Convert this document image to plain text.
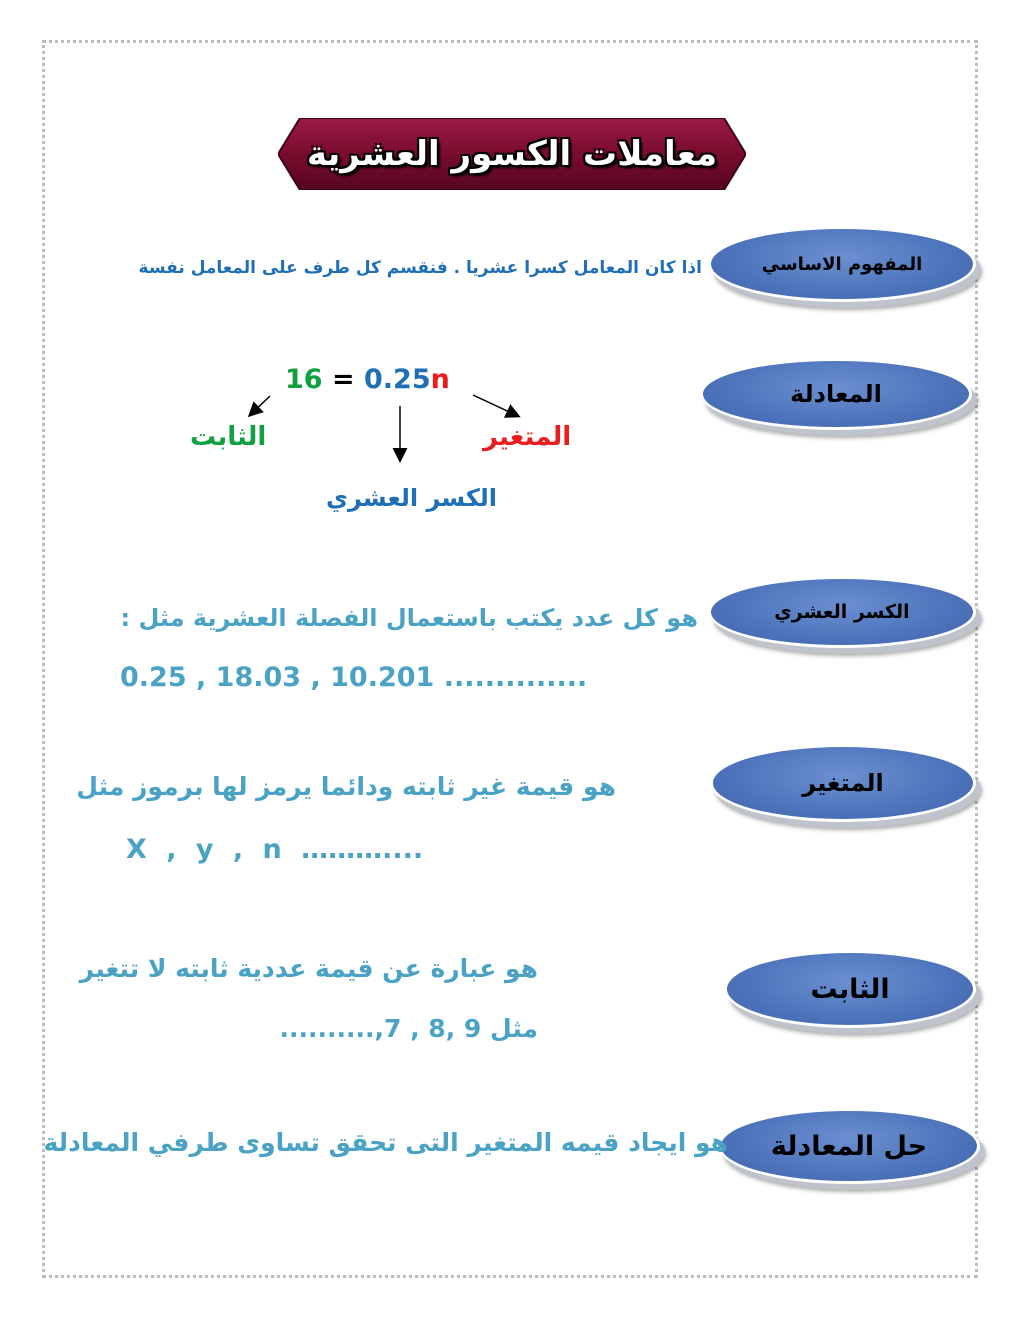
معاملات الكسور العشرية
المفهوم الاساسي
اذا كان المعامل كسرا عشريا . فنقسم كل طرف على المعامل نفسة
المعادلة
16 = 0.25n
الثابت	المتغير
الكسر العشري
الكسر العشري
هو كل عدد يكتب باستعمال الفصلة العشرية مثل :
0.25 , 18.03 , 10.201 ..............
المتغير
هو قيمة غير ثابته ودائما يرمز لها برموز مثل
X , y , n ………....
الثابت
هو عبارة عن قيمة عددية ثابته لا تتغير
مثل 9 ,8 , 7,..........
حل المعادلة
هو ايجاد قيمه المتغير التى تحقق تساوى طرفي المعادلة
